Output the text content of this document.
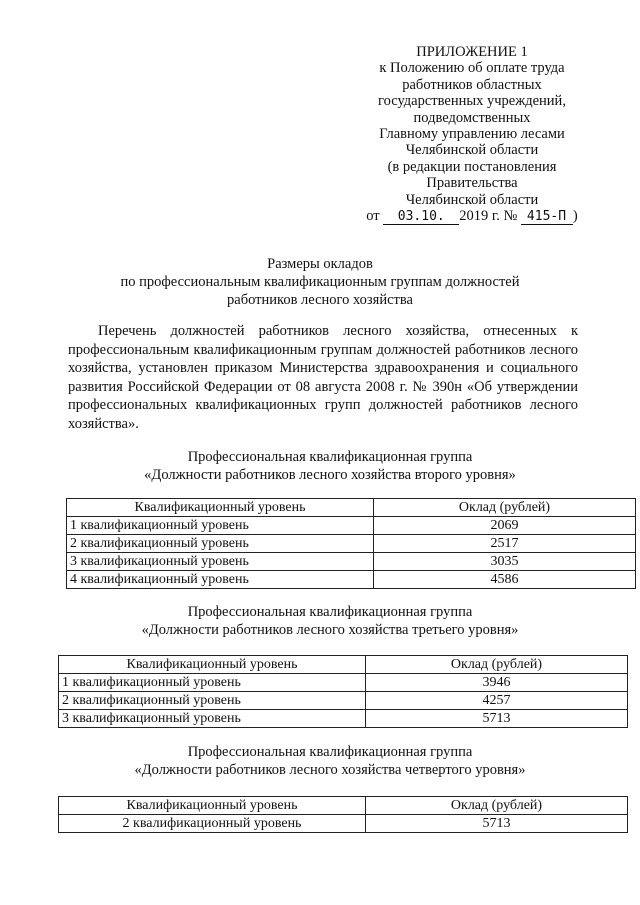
ПРИЛОЖЕНИЕ 1
к Положению об оплате труда
работников областных
государственных учреждений,
подведомственных
Главному управлению лесами
Челябинской области
(в редакции постановления
Правительства
Челябинской области
от 03.10. 2019 г. № 415-П )
Размеры окладов
по профессиональным квалификационным группам должностей
работников лесного хозяйства
Перечень должностей работников лесного хозяйства, отнесенных к профессиональным квалификационным группам должностей работников лесного хозяйства, установлен приказом Министерства здравоохранения и социального развития Российской Федерации от 08 августа 2008 г. № 390н «Об утверждении профессиональных квалификационных групп должностей работников лесного хозяйства».
Профессиональная квалификационная группа
«Должности работников лесного хозяйства второго уровня»
Квалификационный уровень	Оклад (рублей)
1 квалификационный уровень	2069
2 квалификационный уровень	2517
3 квалификационный уровень	3035
4 квалификационный уровень	4586
Профессиональная квалификационная группа
«Должности работников лесного хозяйства третьего уровня»
Квалификационный уровень	Оклад (рублей)
1 квалификационный уровень	3946
2 квалификационный уровень	4257
3 квалификационный уровень	5713
Профессиональная квалификационная группа
«Должности работников лесного хозяйства четвертого уровня»
Квалификационный уровень	Оклад (рублей)
2 квалификационный уровень	5713
